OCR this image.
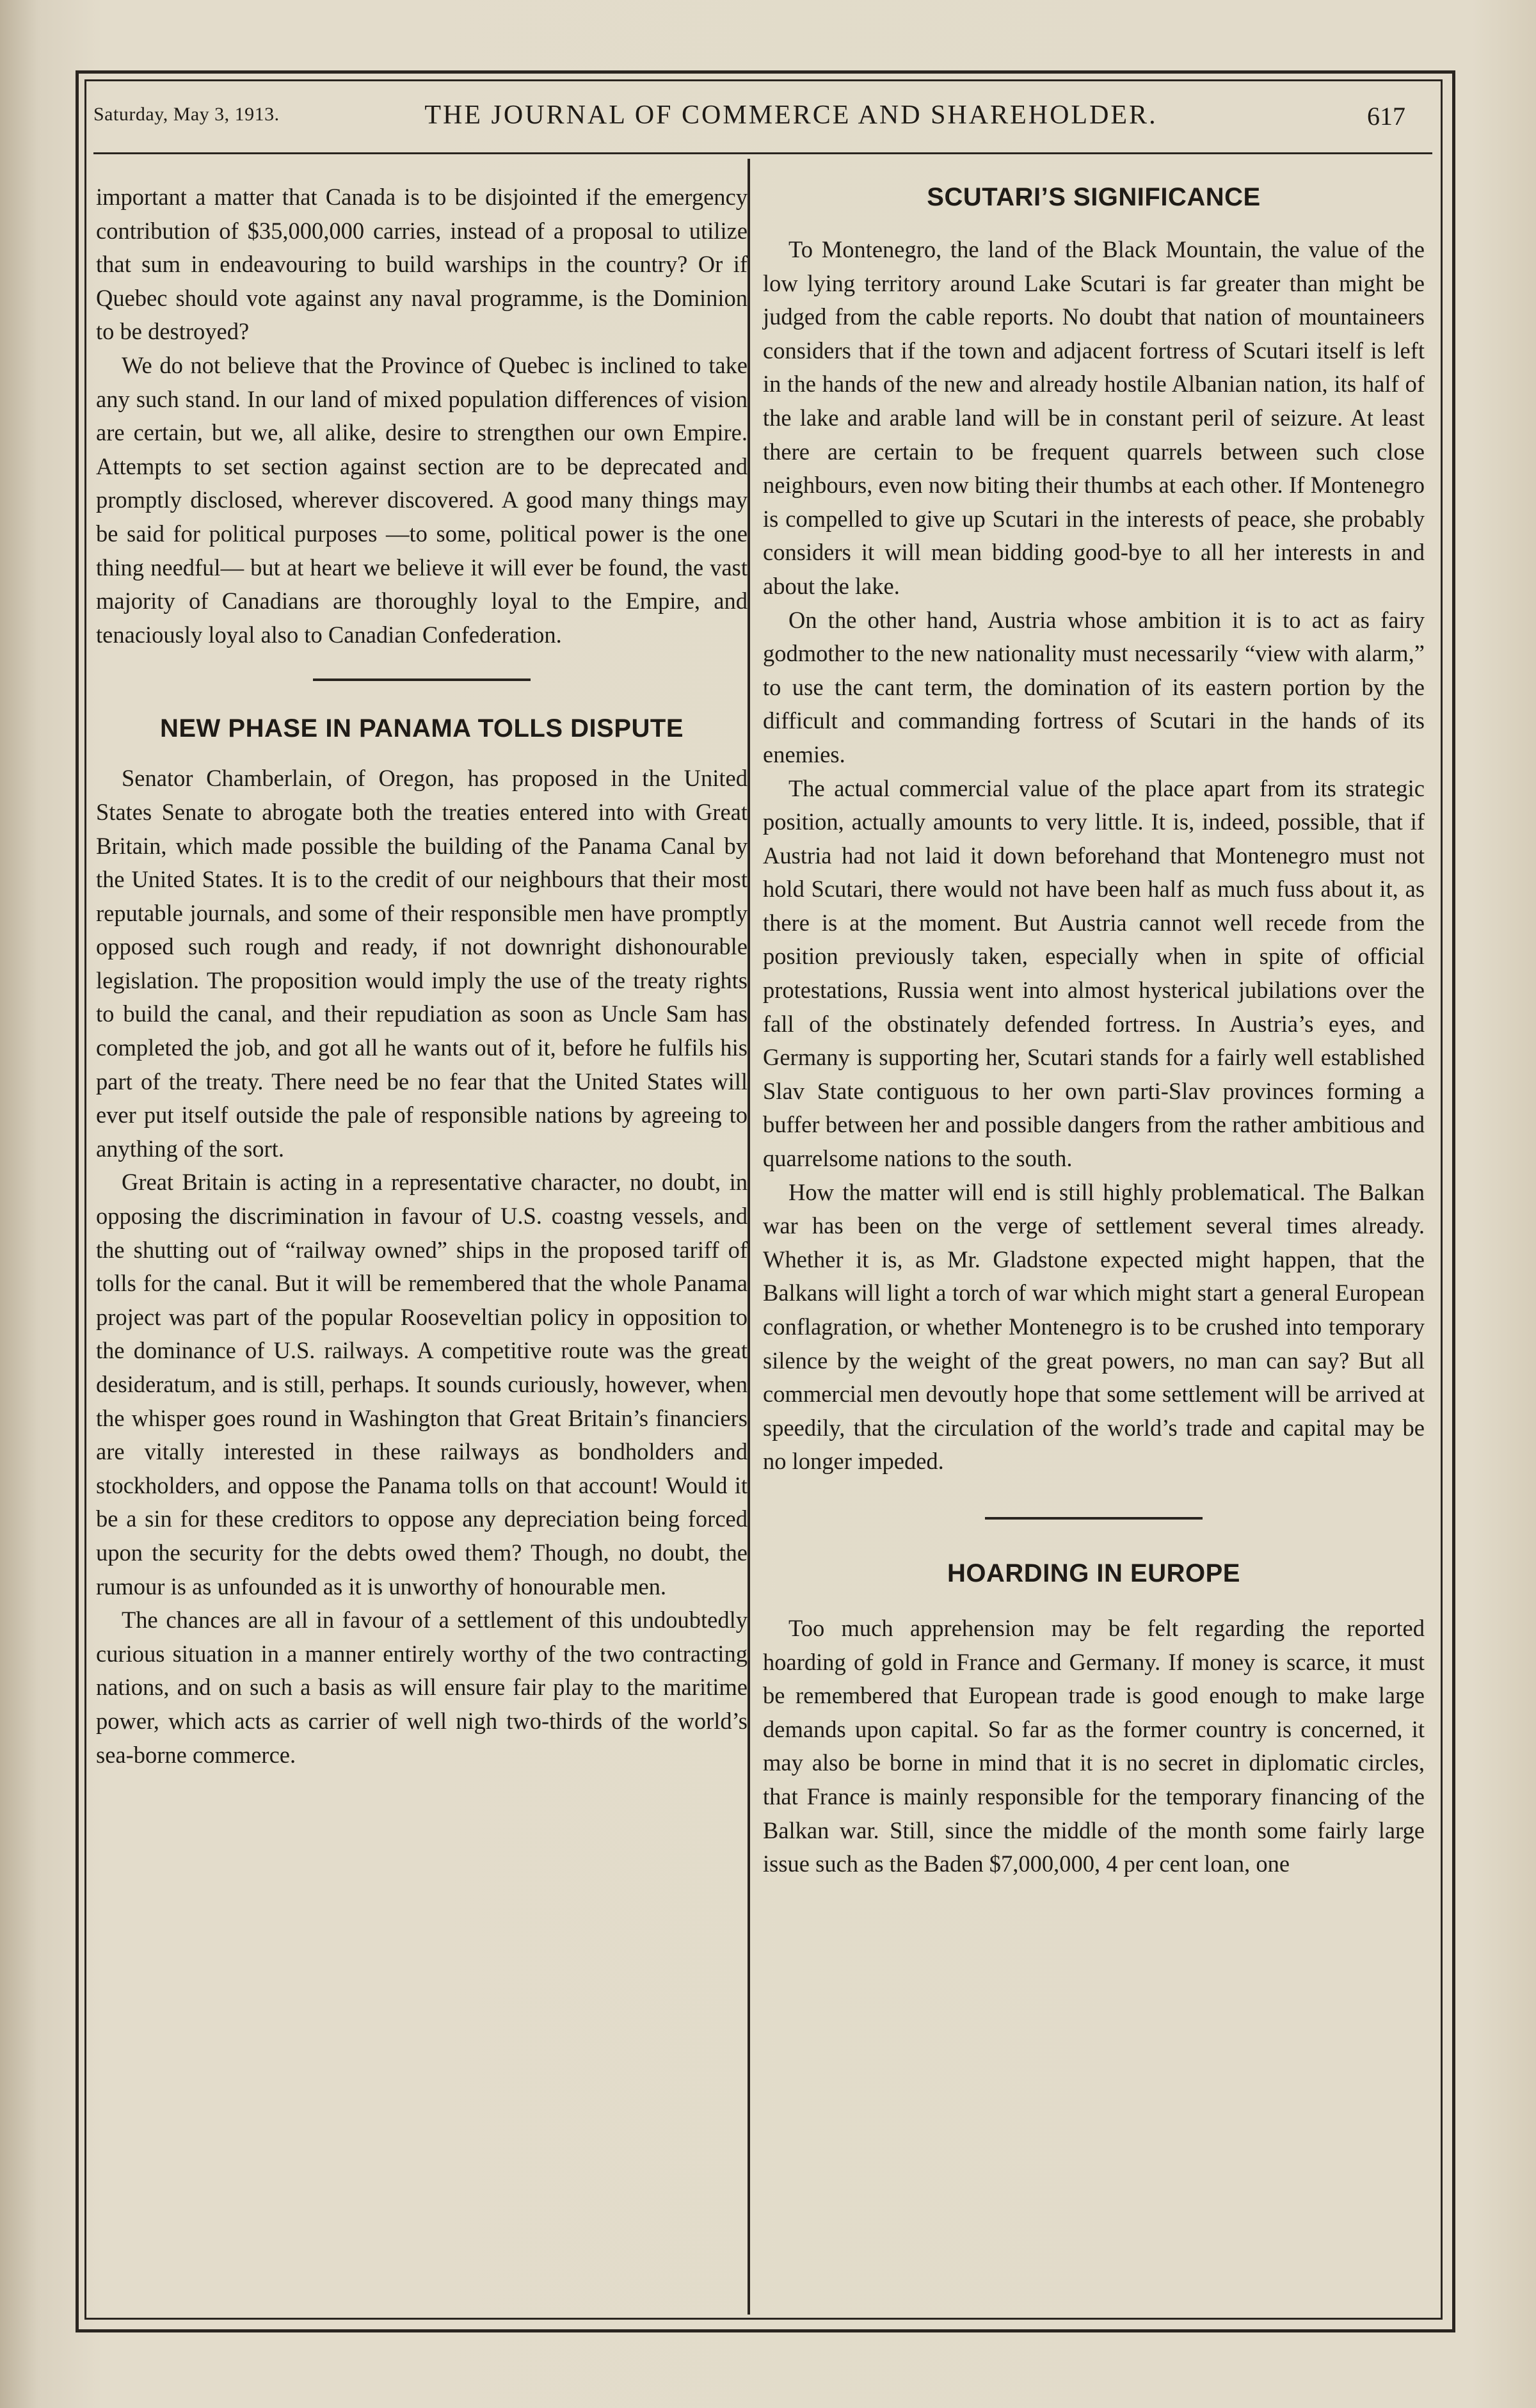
Saturday, May 3, 1913.	THE JOURNAL OF COMMERCE AND SHAREHOLDER.	617

important a matter that Canada is to be disjointed if the emergency contribution of $35,000,000 carries, instead of a proposal to utilize that sum in endeavouring to build warships in the country? Or if Quebec should vote against any naval programme, is the Dominion to be destroyed?

We do not believe that the Province of Quebec is inclined to take any such stand. In our land of mixed population differences of vision are certain, but we, all alike, desire to strengthen our own Empire. Attempts to set section against section are to be deprecated and promptly disclosed, wherever discovered. A good many things may be said for political purposes —to some, political power is the one thing needful— but at heart we believe it will ever be found, the vast majority of Canadians are thoroughly loyal to the Empire, and tenaciously loyal also to Canadian Confederation.

NEW PHASE IN PANAMA TOLLS DISPUTE

Senator Chamberlain, of Oregon, has proposed in the United States Senate to abrogate both the treaties entered into with Great Britain, which made possible the building of the Panama Canal by the United States. It is to the credit of our neighbours that their most reputable journals, and some of their responsible men have promptly opposed such rough and ready, if not downright dishonourable legislation. The proposition would imply the use of the treaty rights to build the canal, and their repudiation as soon as Uncle Sam has completed the job, and got all he wants out of it, before he fulfils his part of the treaty. There need be no fear that the United States will ever put itself outside the pale of responsible nations by agreeing to anything of the sort.

Great Britain is acting in a representative character, no doubt, in opposing the discrimination in favour of U.S. coastng vessels, and the shutting out of “railway owned” ships in the proposed tariff of tolls for the canal. But it will be remembered that the whole Panama project was part of the popular Rooseveltian policy in opposition to the dominance of U.S. railways. A competitive route was the great desideratum, and is still, perhaps. It sounds curiously, however, when the whisper goes round in Washington that Great Britain’s financiers are vitally interested in these railways as bondholders and stockholders, and oppose the Panama tolls on that account! Would it be a sin for these creditors to oppose any depreciation being forced upon the security for the debts owed them? Though, no doubt, the rumour is as unfounded as it is unworthy of honourable men.

The chances are all in favour of a settlement of this undoubtedly curious situation in a manner entirely worthy of the two contracting nations, and on such a basis as will ensure fair play to the maritime power, which acts as carrier of well nigh two-thirds of the world’s sea-borne commerce.

SCUTARI’S SIGNIFICANCE

To Montenegro, the land of the Black Mountain, the value of the low lying territory around Lake Scutari is far greater than might be judged from the cable reports. No doubt that nation of mountaineers considers that if the town and adjacent fortress of Scutari itself is left in the hands of the new and already hostile Albanian nation, its half of the lake and arable land will be in constant peril of seizure. At least there are certain to be frequent quarrels between such close neighbours, even now biting their thumbs at each other. If Montenegro is compelled to give up Scutari in the interests of peace, she probably considers it will mean bidding good-bye to all her interests in and about the lake.

On the other hand, Austria whose ambition it is to act as fairy godmother to the new nationality must necessarily “view with alarm,” to use the cant term, the domination of its eastern portion by the difficult and commanding fortress of Scutari in the hands of its enemies.

The actual commercial value of the place apart from its strategic position, actually amounts to very little. It is, indeed, possible, that if Austria had not laid it down beforehand that Montenegro must not hold Scutari, there would not have been half as much fuss about it, as there is at the moment. But Austria cannot well recede from the position previously taken, especially when in spite of official protestations, Russia went into almost hysterical jubilations over the fall of the obstinately defended fortress. In Austria’s eyes, and Germany is supporting her, Scutari stands for a fairly well established Slav State contiguous to her own parti-Slav provinces forming a buffer between her and possible dangers from the rather ambitious and quarrelsome nations to the south.

How the matter will end is still highly problematical. The Balkan war has been on the verge of settlement several times already. Whether it is, as Mr. Gladstone expected might happen, that the Balkans will light a torch of war which might start a general European conflagration, or whether Montenegro is to be crushed into temporary silence by the weight of the great powers, no man can say? But all commercial men devoutly hope that some settlement will be arrived at speedily, that the circulation of the world’s trade and capital may be no longer impeded.

HOARDING IN EUROPE

Too much apprehension may be felt regarding the reported hoarding of gold in France and Germany. If money is scarce, it must be remembered that European trade is good enough to make large demands upon capital. So far as the former country is concerned, it may also be borne in mind that it is no secret in diplomatic circles, that France is mainly responsible for the temporary financing of the Balkan war. Still, since the middle of the month some fairly large issue such as the Baden $7,000,000, 4 per cent loan, one
